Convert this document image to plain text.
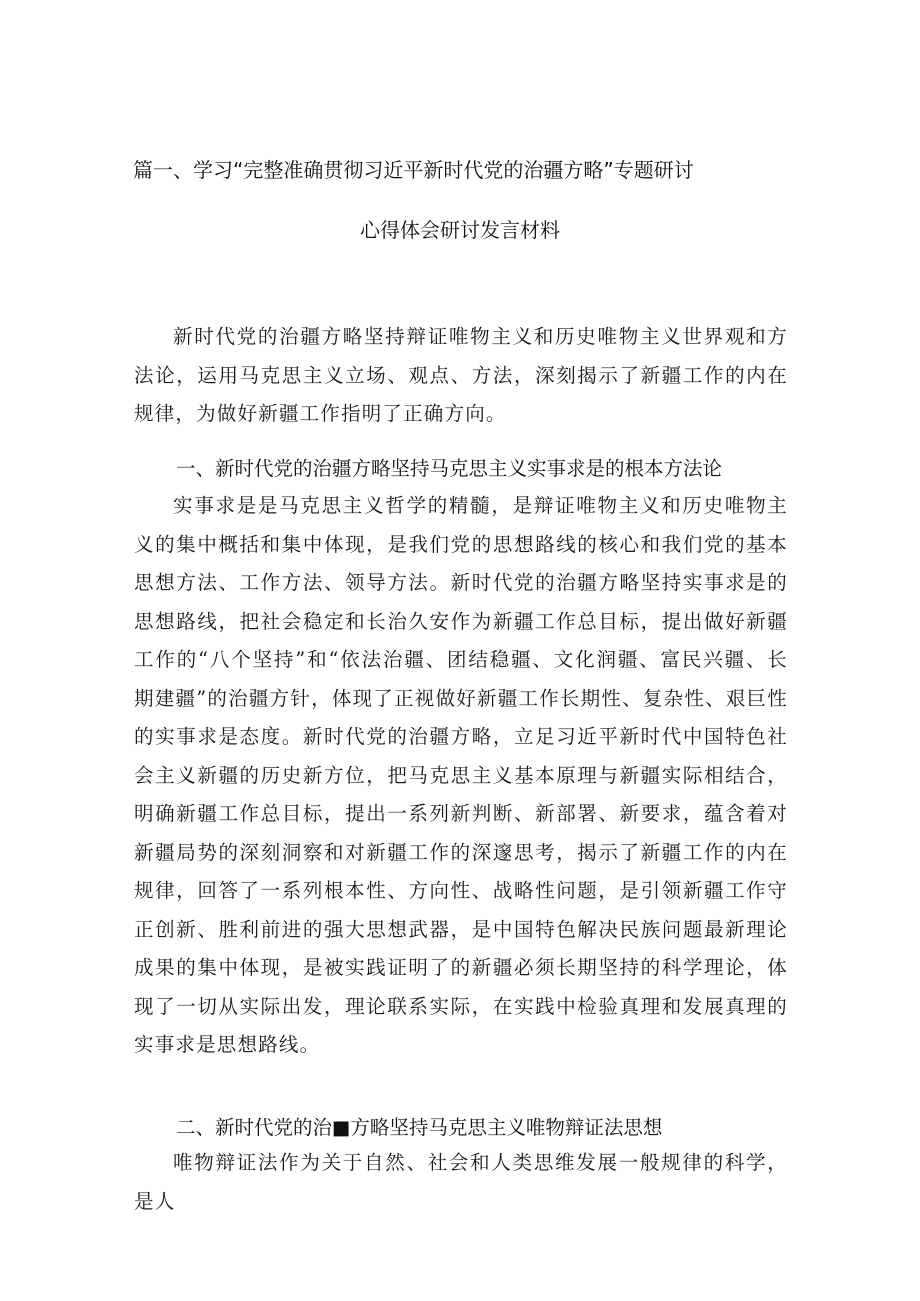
篇一、学习“完整准确贯彻习近平新时代党的治疆方略”专题研讨
心得体会研讨发言材料
新时代党的治疆方略坚持辩证唯物主义和历史唯物主义世界观和方法论，运用马克思主义立场、观点、方法，深刻揭示了新疆工作的内在规律，为做好新疆工作指明了正确方向。
一、新时代党的治疆方略坚持马克思主义实事求是的根本方法论
实事求是是马克思主义哲学的精髓，是辩证唯物主义和历史唯物主义的集中概括和集中体现，是我们党的思想路线的核心和我们党的基本思想方法、工作方法、领导方法。新时代党的治疆方略坚持实事求是的思想路线，把社会稳定和长治久安作为新疆工作总目标，提出做好新疆工作的“八个坚持”和“依法治疆、团结稳疆、文化润疆、富民兴疆、长期建疆”的治疆方针，体现了正视做好新疆工作长期性、复杂性、艰巨性的实事求是态度。新时代党的治疆方略，立足习近平新时代中国特色社会主义新疆的历史新方位，把马克思主义基本原理与新疆实际相结合，明确新疆工作总目标，提出一系列新判断、新部署、新要求，蕴含着对新疆局势的深刻洞察和对新疆工作的深邃思考，揭示了新疆工作的内在规律，回答了一系列根本性、方向性、战略性问题，是引领新疆工作守正创新、胜利前进的强大思想武器，是中国特色解决民族问题最新理论成果的集中体现，是被实践证明了的新疆必须长期坚持的科学理论，体现了一切从实际出发，理论联系实际，在实践中检验真理和发展真理的实事求是思想路线。
二、新时代党的治■方略坚持马克思主义唯物辩证法思想
唯物辩证法作为关于自然、社会和人类思维发展一般规律的科学，是人
